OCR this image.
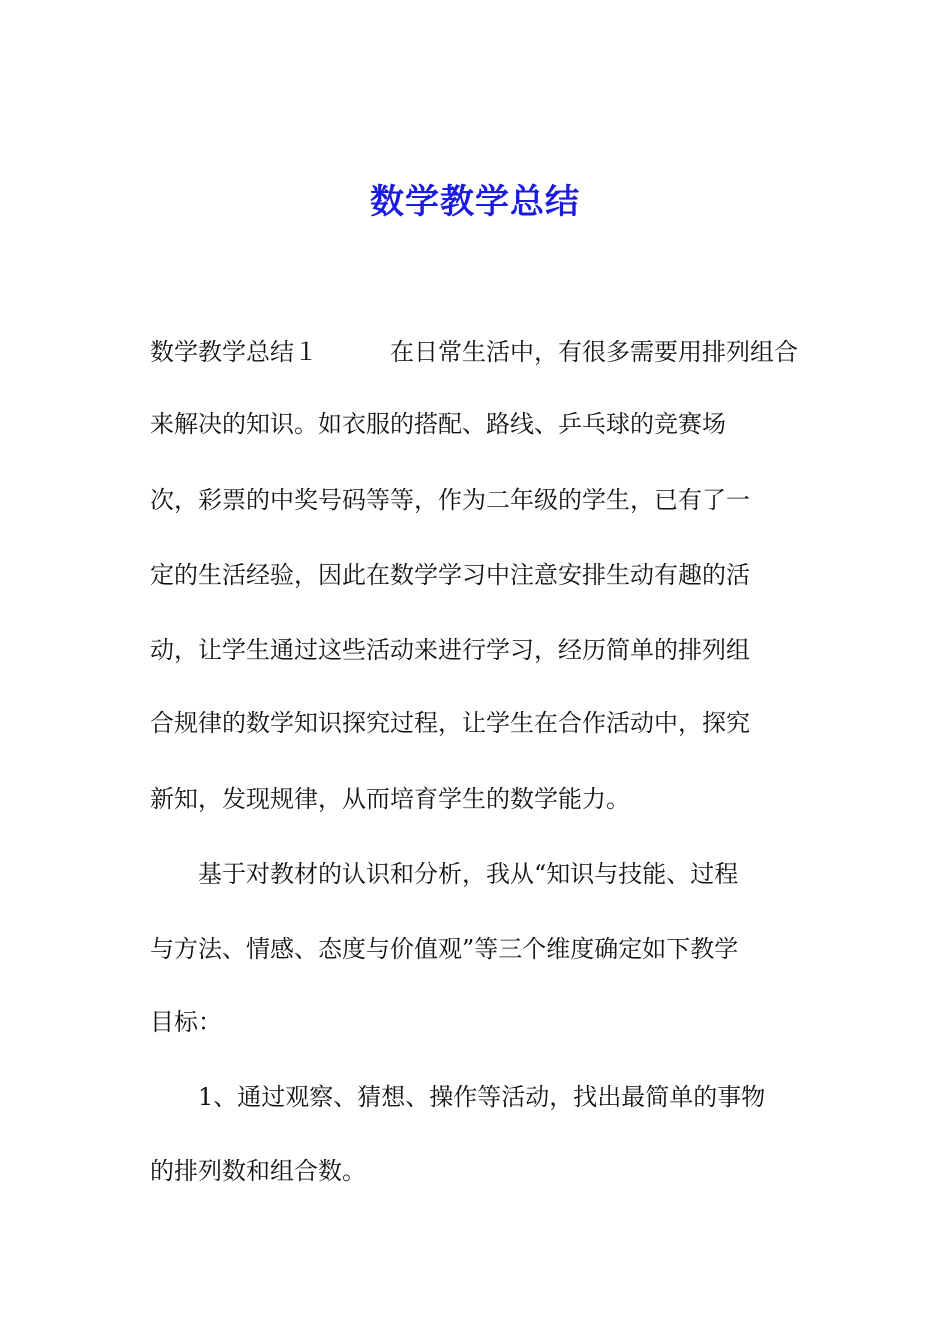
数学教学总结
数学教学总结１　　　在日常生活中，有很多需要用排列组合
来解决的知识。如衣服的搭配、路线、乒乓球的竞赛场
次，彩票的中奖号码等等，作为二年级的学生，已有了一
定的生活经验，因此在数学学习中注意安排生动有趣的活
动，让学生通过这些活动来进行学习，经历简单的排列组
合规律的数学知识探究过程，让学生在合作活动中，探究
新知，发现规律，从而培育学生的数学能力。
　　基于对教材的认识和分析，我从“知识与技能、过程
与方法、情感、态度与价值观”等三个维度确定如下教学
目标：
　　1、通过观察、猜想、操作等活动，找出最简单的事物
的排列数和组合数。
